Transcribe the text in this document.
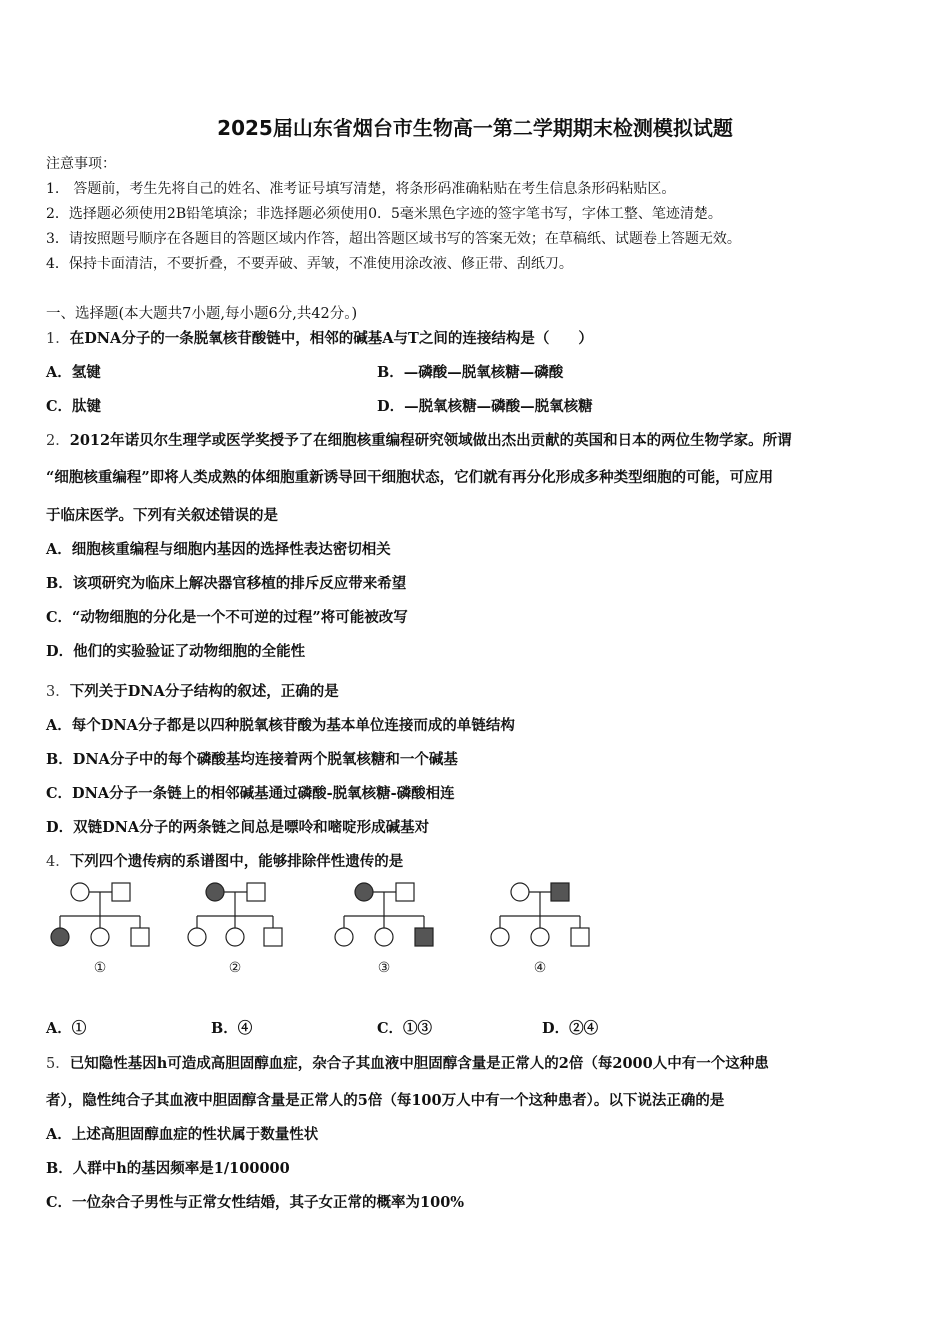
2025届山东省烟台市生物高一第二学期期末检测模拟试题
注意事项：
1.　答题前，考生先将自己的姓名、准考证号填写清楚，将条形码准确粘贴在考生信息条形码粘贴区。
2．选择题必须使用2B铅笔填涂；非选择题必须使用0．5毫米黑色字迹的签字笔书写，字体工整、笔迹清楚。
3．请按照题号顺序在各题目的答题区域内作答，超出答题区域书写的答案无效；在草稿纸、试题卷上答题无效。
4．保持卡面清洁，不要折叠，不要弄破、弄皱，不准使用涂改液、修正带、刮纸刀。
一、选择题(本大题共7小题,每小题6分,共42分。)
1．在DNA分子的一条脱氧核苷酸链中，相邻的碱基A与T之间的连接结构是（　　）
A．氢键	B．—磷酸—脱氧核糖—磷酸
C．肽键	D．—脱氧核糖—磷酸—脱氧核糖
2．2012年诺贝尔生理学或医学奖授予了在细胞核重编程研究领域做出杰出贡献的英国和日本的两位生物学家。所谓
“细胞核重编程”即将人类成熟的体细胞重新诱导回干细胞状态，它们就有再分化形成多种类型细胞的可能，可应用
于临床医学。下列有关叙述错误的是
A．细胞核重编程与细胞内基因的选择性表达密切相关
B．该项研究为临床上解决器官移植的排斥反应带来希望
C．“动物细胞的分化是一个不可逆的过程”将可能被改写
D．他们的实验验证了动物细胞的全能性
3．下列关于DNA分子结构的叙述，正确的是
A．每个DNA分子都是以四种脱氧核苷酸为基本单位连接而成的单链结构
B．DNA分子中的每个磷酸基均连接着两个脱氧核糖和一个碱基
C．DNA分子一条链上的相邻碱基通过磷酸-脱氧核糖-磷酸相连
D．双链DNA分子的两条链之间总是嘌呤和嘧啶形成碱基对
4．下列四个遗传病的系谱图中，能够排除伴性遗传的是
①	②	③	④
A．①	B．④	C．①③	D．②④
5．已知隐性基因h可造成高胆固醇血症，杂合子其血液中胆固醇含量是正常人的2倍（每2000人中有一个这种患
者），隐性纯合子其血液中胆固醇含量是正常人的5倍（每100万人中有一个这种患者）。以下说法正确的是
A．上述高胆固醇血症的性状属于数量性状
B．人群中h的基因频率是1/100000
C．一位杂合子男性与正常女性结婚，其子女正常的概率为100%
